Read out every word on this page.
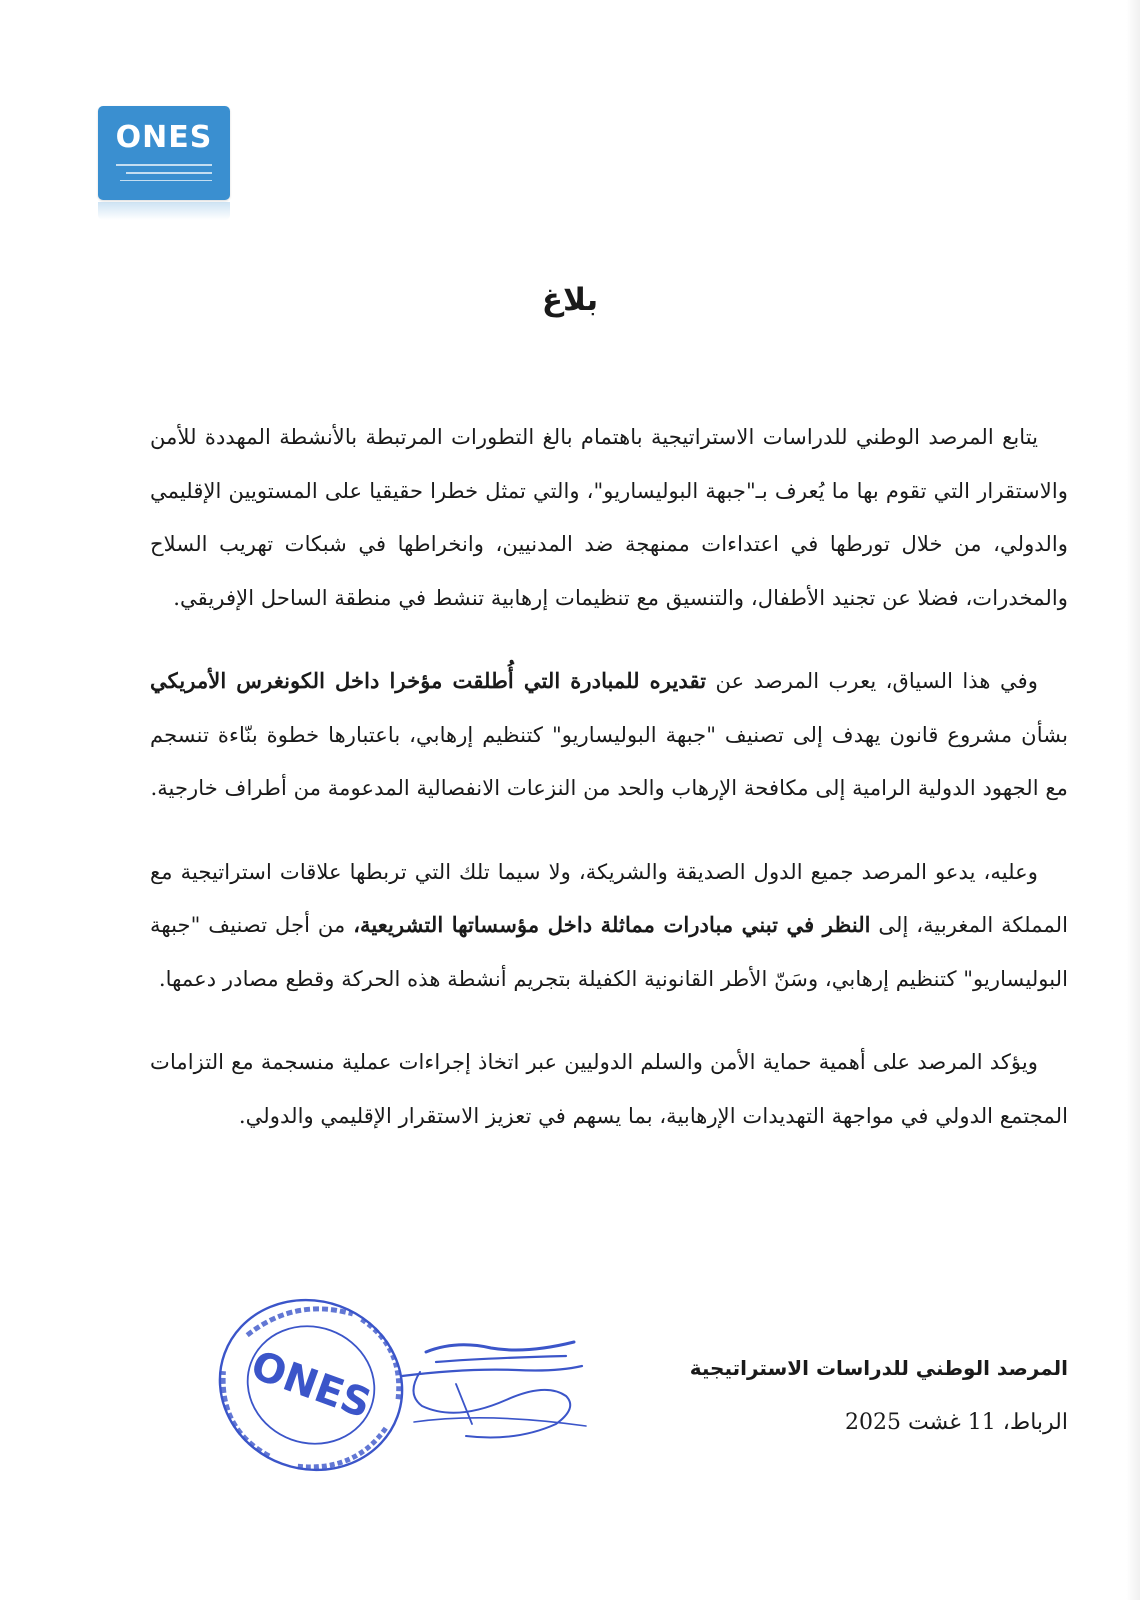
ONES
بلاغ

يتابع المرصد الوطني للدراسات الاستراتيجية باهتمام بالغ التطورات المرتبطة بالأنشطة المهددة للأمن والاستقرار التي تقوم بها ما يُعرف بـ"جبهة البوليساريو"، والتي تمثل خطرا حقيقيا على المستويين الإقليمي والدولي، من خلال تورطها في اعتداءات ممنهجة ضد المدنيين، وانخراطها في شبكات تهريب السلاح والمخدرات، فضلا عن تجنيد الأطفال، والتنسيق مع تنظيمات إرهابية تنشط في منطقة الساحل الإفريقي.

وفي هذا السياق، يعرب المرصد عن تقديره للمبادرة التي أُطلقت مؤخرا داخل الكونغرس الأمريكي بشأن مشروع قانون يهدف إلى تصنيف "جبهة البوليساريو" كتنظيم إرهابي، باعتبارها خطوة بنّاءة تنسجم مع الجهود الدولية الرامية إلى مكافحة الإرهاب والحد من النزعات الانفصالية المدعومة من أطراف خارجية.

وعليه، يدعو المرصد جميع الدول الصديقة والشريكة، ولا سيما تلك التي تربطها علاقات استراتيجية مع المملكة المغربية، إلى النظر في تبني مبادرات مماثلة داخل مؤسساتها التشريعية، من أجل تصنيف "جبهة البوليساريو" كتنظيم إرهابي، وسَنّ الأطر القانونية الكفيلة بتجريم أنشطة هذه الحركة وقطع مصادر دعمها.

ويؤكد المرصد على أهمية حماية الأمن والسلم الدوليين عبر اتخاذ إجراءات عملية منسجمة مع التزامات المجتمع الدولي في مواجهة التهديدات الإرهابية، بما يسهم في تعزيز الاستقرار الإقليمي والدولي.

ONES	المرصد الوطني للدراسات الاستراتيجية
الرباط، 11 غشت 2025
